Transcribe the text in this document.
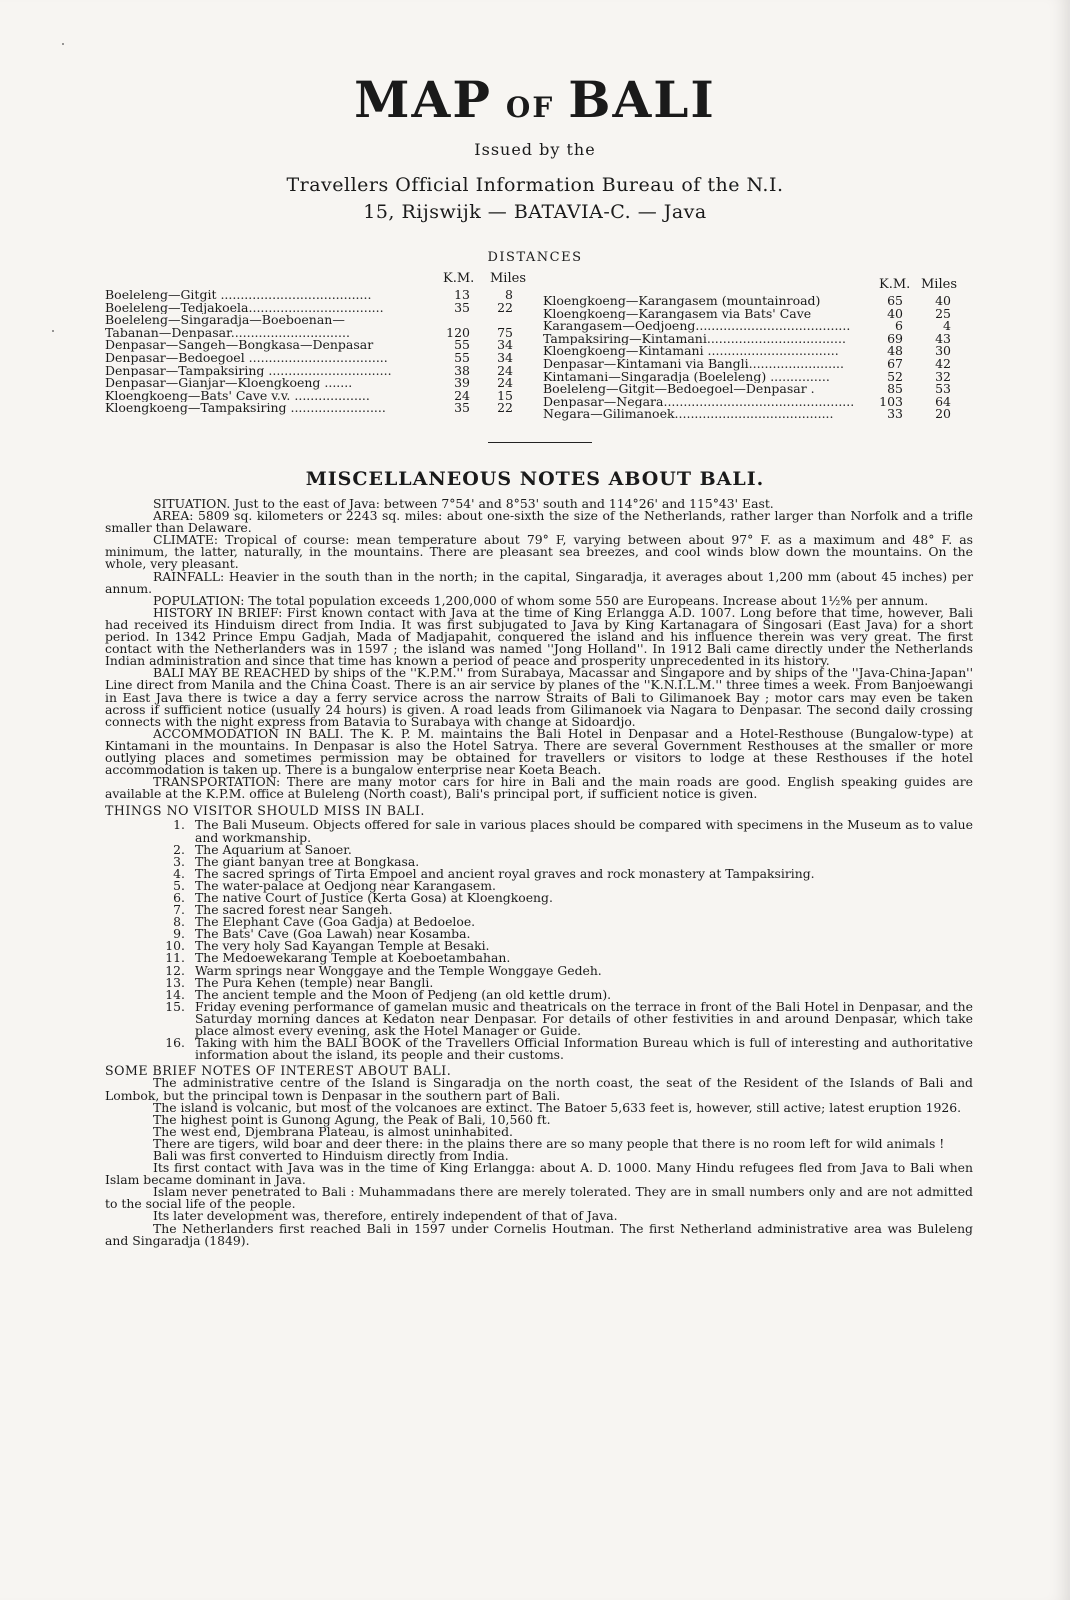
MAP OF BALI
Issued by the
Travellers Official Information Bureau of the N.I.
15, Rijswijk — BATAVIA-C. — Java
DISTANCES
K.M. Miles
Boeleleng—Gitgit ......................................	13	8
Boeleleng—Tedjakoela..................................	35	22
Boeleleng—Singaradja—Boeboenan—
Tabanan—Denpasar..............................	120	75
Denpasar—Sangeh—Bongkasa—Denpasar	55	34
Denpasar—Bedoegoel ...................................	55	34
Denpasar—Tampaksiring ...............................	38	24
Denpasar—Gianjar—Kloengkoeng .......	39	24
Kloengkoeng—Bats' Cave v.v. ...................	24	15
Kloengkoeng—Tampaksiring ........................	35	22
K.M. Miles
Kloengkoeng—Karangasem (mountainroad)	65	40
Kloengkoeng—Karangasem via Bats' Cave	40	25
Karangasem—Oedjoeng.......................................	6	4
Tampaksiring—Kintamani...................................	69	43
Kloengkoeng—Kintamani .................................	48	30
Denpasar—Kintamani via Bangli........................	67	42
Kintamani—Singaradja (Boeleleng) ...............	52	32
Boeleleng—Gitgit—Bedoegoel—Denpasar .	85	53
Denpasar—Negara................................................	103	64
Negara—Gilimanoek........................................	33	20
MISCELLANEOUS NOTES ABOUT BALI.

SITUATION. Just to the east of Java: between 7°54' and 8°53' south and 114°26' and 115°43' East.

AREA: 5809 sq. kilometers or 2243 sq. miles: about one-sixth the size of the Netherlands, rather larger than Norfolk and a trifle smaller than Delaware.

CLIMATE: Tropical of course: mean temperature about 79° F, varying between about 97° F. as a maximum and 48° F. as minimum, the latter, naturally, in the mountains. There are pleasant sea breezes, and cool winds blow down the mountains. On the whole, very pleasant.

RAINFALL: Heavier in the south than in the north; in the capital, Singaradja, it averages about 1,200 mm (about 45 inches) per annum.

POPULATION: The total population exceeds 1,200,000 of whom some 550 are Europeans. Increase about 1½% per annum.

HISTORY IN BRIEF: First known contact with Java at the time of King Erlangga A.D. 1007. Long before that time, however, Bali had received its Hinduism direct from India. It was first subjugated to Java by King Kartanagara of Singosari (East Java) for a short period. In 1342 Prince Empu Gadjah, Mada of Madjapahit, conquered the island and his influence therein was very great. The first contact with the Netherlanders was in 1597 ; the island was named ''Jong Holland''. In 1912 Bali came directly under the Netherlands Indian administration and since that time has known a period of peace and prosperity unprecedented in its history.

BALI MAY BE REACHED by ships of the ''K.P.M.'' from Surabaya, Macassar and Singapore and by ships of the ''Java-China-Japan'' Line direct from Manila and the China Coast. There is an air service by planes of the ''K.N.I.L.M.'' three times a week. From Banjoewangi in East Java there is twice a day a ferry service across the narrow Straits of Bali to Gilimanoek Bay ; motor cars may even be taken across if sufficient notice (usually 24 hours) is given. A road leads from Gilimanoek via Nagara to Denpasar. The second daily crossing connects with the night express from Batavia to Surabaya with change at Sidoardjo.

ACCOMMODATION IN BALI. The K. P. M. maintains the Bali Hotel in Denpasar and a Hotel-Resthouse (Bungalow-type) at Kintamani in the mountains. In Denpasar is also the Hotel Satrya. There are several Government Resthouses at the smaller or more outlying places and sometimes permission may be obtained for travellers or visitors to lodge at these Resthouses if the hotel accommodation is taken up. There is a bungalow enterprise near Koeta Beach.

TRANSPORTATION: There are many motor cars for hire in Bali and the main roads are good. English speaking guides are available at the K.P.M. office at Buleleng (North coast), Bali's principal port, if sufficient notice is given.

THINGS NO VISITOR SHOULD MISS IN BALI.

1. The Bali Museum. Objects offered for sale in various places should be compared with specimens in the Museum as to value and workmanship.
2. The Aquarium at Sanoer.
3. The giant banyan tree at Bongkasa.
4. The sacred springs of Tirta Empoel and ancient royal graves and rock monastery at Tampaksiring.
5. The water-palace at Oedjong near Karangasem.
6. The native Court of Justice (Kerta Gosa) at Kloengkoeng.
7. The sacred forest near Sangeh.
8. The Elephant Cave (Goa Gadja) at Bedoeloe.
9. The Bats' Cave (Goa Lawah) near Kosamba.
10. The very holy Sad Kayangan Temple at Besaki.
11. The Medoewekarang Temple at Koeboetambahan.
12. Warm springs near Wonggaye and the Temple Wonggaye Gedeh.
13. The Pura Kehen (temple) near Bangli.
14. The ancient temple and the Moon of Pedjeng (an old kettle drum).
15. Friday evening performance of gamelan music and theatricals on the terrace in front of the Bali Hotel in Denpasar, and the Saturday morning dances at Kedaton near Denpasar. For details of other festivities in and around Denpasar, which take place almost every evening, ask the Hotel Manager or Guide.
16. Taking with him the BALI BOOK of the Travellers Official Information Bureau which is full of interesting and authoritative information about the island, its people and their customs.

SOME BRIEF NOTES OF INTEREST ABOUT BALI.

The administrative centre of the Island is Singaradja on the north coast, the seat of the Resident of the Islands of Bali and Lombok, but the principal town is Denpasar in the southern part of Bali.

The island is volcanic, but most of the volcanoes are extinct. The Batoer 5,633 feet is, however, still active; latest eruption 1926.

The highest point is Gunong Agung, the Peak of Bali, 10,560 ft.

The west end, Djembrana Plateau, is almost uninhabited.

There are tigers, wild boar and deer there: in the plains there are so many people that there is no room left for wild animals !

Bali was first converted to Hinduism directly from India.

Its first contact with Java was in the time of King Erlangga: about A. D. 1000. Many Hindu refugees fled from Java to Bali when Islam became dominant in Java.

Islam never penetrated to Bali : Muhammadans there are merely tolerated. They are in small numbers only and are not admitted to the social life of the people.

Its later development was, therefore, entirely independent of that of Java.

The Netherlanders first reached Bali in 1597 under Cornelis Houtman. The first Netherland administrative area was Buleleng and Singaradja (1849).
